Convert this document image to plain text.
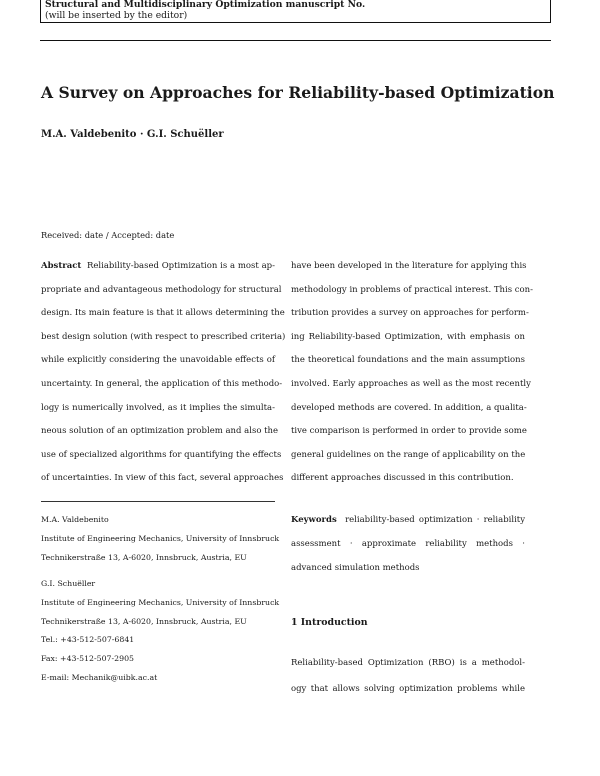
Structural and Multidisciplinary Optimization manuscript No.
(will be inserted by the editor)
A Survey on Approaches for Reliability-based Optimization
M.A. Valdebenito · G.I. Schuëller
Received: date / Accepted: date
Abstract Reliability-based Optimization is a most ap-
propriate and advantageous methodology for structural
design. Its main feature is that it allows determining the
best design solution (with respect to prescribed criteria)
while explicitly considering the unavoidable effects of
uncertainty. In general, the application of this methodo-
logy is numerically involved, as it implies the simulta-
neous solution of an optimization problem and also the
use of specialized algorithms for quantifying the effects
of uncertainties. In view of this fact, several approaches
have been developed in the literature for applying this
methodology in problems of practical interest. This con-
tribution provides a survey on approaches for perform-
ing Reliability-based Optimization, with emphasis on
the theoretical foundations and the main assumptions
involved. Early approaches as well as the most recently
developed methods are covered. In addition, a qualita-
tive comparison is performed in order to provide some
general guidelines on the range of applicability on the
different approaches discussed in this contribution.
M.A. Valdebenito
Institute of Engineering Mechanics, University of Innsbruck
Technikerstraße 13, A-6020, Innsbruck, Austria, EU
G.I. Schuëller
Institute of Engineering Mechanics, University of Innsbruck
Technikerstraße 13, A-6020, Innsbruck, Austria, EU
Tel.: +43-512-507-6841
Fax: +43-512-507-2905
E-mail: Mechanik@uibk.ac.at
Keywords reliability-based optimization · reliability
assessment · approximate reliability methods ·
advanced simulation methods
1 Introduction
Reliability-based Optimization (RBO) is a methodol-
ogy that allows solving optimization problems while
